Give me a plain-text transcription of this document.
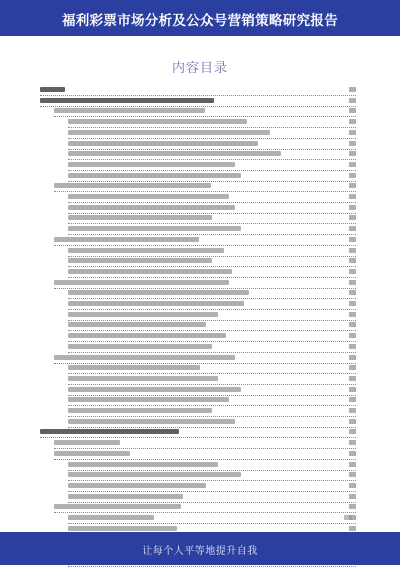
福利彩票市场分析及公众号营销策略研究报告
内容目录
让每个人平等地提升自我
